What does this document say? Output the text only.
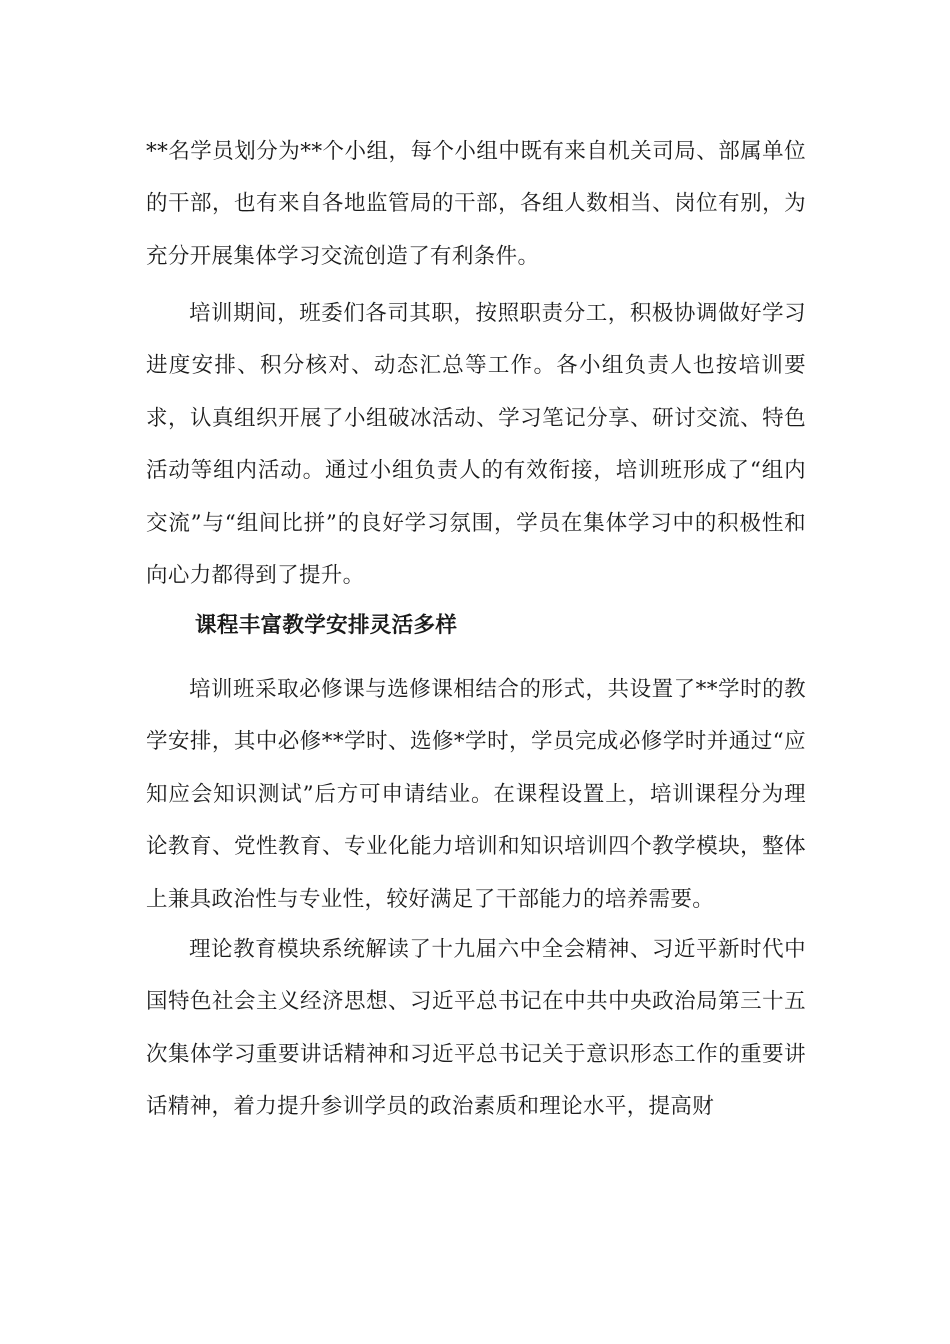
**名学员划分为**个小组，每个小组中既有来自机关司局、部属单位的干部，也有来自各地监管局的干部，各组人数相当、岗位有别，为充分开展集体学习交流创造了有利条件。

培训期间，班委们各司其职，按照职责分工，积极协调做好学习进度安排、积分核对、动态汇总等工作。各小组负责人也按培训要求，认真组织开展了小组破冰活动、学习笔记分享、研讨交流、特色活动等组内活动。通过小组负责人的有效衔接，培训班形成了“组内交流”与“组间比拼”的良好学习氛围，学员在集体学习中的积极性和向心力都得到了提升。

课程丰富教学安排灵活多样

培训班采取必修课与选修课相结合的形式，共设置了**学时的教学安排，其中必修**学时、选修*学时，学员完成必修学时并通过“应知应会知识测试”后方可申请结业。在课程设置上，培训课程分为理论教育、党性教育、专业化能力培训和知识培训四个教学模块，整体上兼具政治性与专业性，较好满足了干部能力的培养需要。

理论教育模块系统解读了十九届六中全会精神、习近平新时代中国特色社会主义经济思想、习近平总书记在中共中央政治局第三十五次集体学习重要讲话精神和习近平总书记关于意识形态工作的重要讲话精神，着力提升参训学员的政治素质和理论水平，提高财
